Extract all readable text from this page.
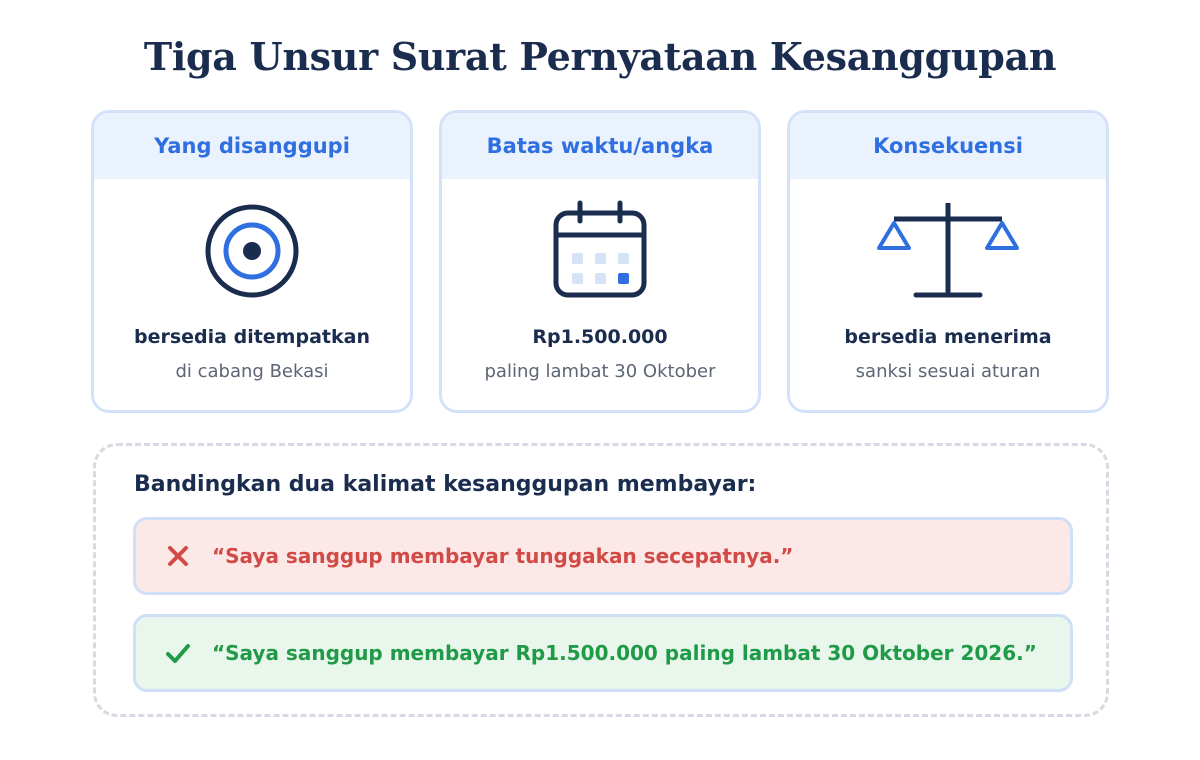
Tiga Unsur Surat Pernyataan Kesanggupan
Yang disanggupi
bersedia ditempatkan
di cabang Bekasi
Batas waktu/angka
Rp1.500.000
paling lambat 30 Oktober
Konsekuensi
bersedia menerima
sanksi sesuai aturan
Bandingkan dua kalimat kesanggupan membayar:
“Saya sanggup membayar tunggakan secepatnya.”
“Saya sanggup membayar Rp1.500.000 paling lambat 30 Oktober 2026.”
